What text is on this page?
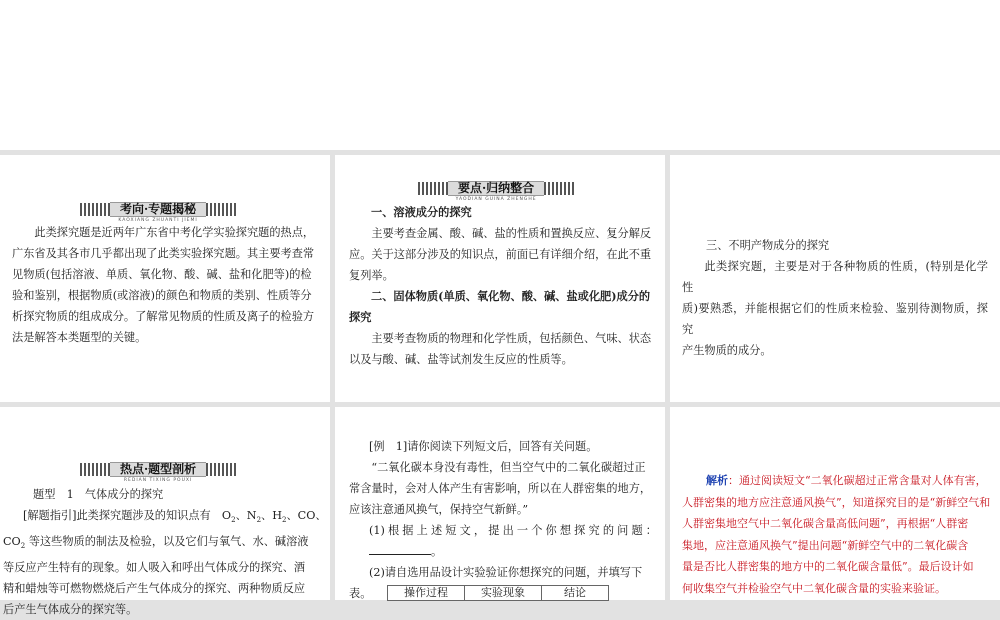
考向·专题揭秘
KAOXIANG ZHUANTI JIEMI
此类探究题是近两年广东省中考化学实验探究题的热点，
广东省及其各市几乎都出现了此类实验探究题。其主要考查常
见物质(包括溶液、单质、氧化物、酸、碱、盐和化肥等)的检
验和鉴别，根据物质(或溶液)的颜色和物质的类别、性质等分
析探究物质的组成成分。了解常见物质的性质及离子的检验方
法是解答本类题型的关键。
要点·归纳整合
YAODIAN GUINA ZHENGHE
一、溶液成分的探究
主要考查金属、酸、碱、盐的性质和置换反应、复分解反
应。关于这部分涉及的知识点，前面已有详细介绍，在此不重
复列举。
二、固体物质(单质、氧化物、酸、碱、盐或化肥)成分的
探究
主要考查物质的物理和化学性质，包括颜色、气味、状态
以及与酸、碱、盐等试剂发生反应的性质等。
三、不明产物成分的探究
此类探究题，主要是对于各种物质的性质，(特别是化学性
质)要熟悉，并能根据它们的性质来检验、鉴别待测物质，探究
产生物质的成分。
热点·题型剖析
REDIAN TIXING POUXI
题型　1　气体成分的探究
[解题指引]此类探究题涉及的知识点有　$O_2$、$N_2$、$H_2$、CO、
$CO_2$ 等这些物质的制法及检验，以及它们与氧气、水、碱溶液
等反应产生特有的现象。如人吸入和呼出气体成分的探究、酒
精和蜡烛等可燃物燃烧后产生气体成分的探究、两种物质反应
后产生气体成分的探究等。
[例　1]请你阅读下列短文后，回答有关问题。
“二氧化碳本身没有毒性，但当空气中的二氧化碳超过正
常含量时，会对人体产生有害影响，所以在人群密集的地方，
应该注意通风换气，保持空气新鲜。”
(1)根据上述短文，提出一个你想探究的问题：。
(2)请自选用品设计实验验证你想探究的问题，并填写下
表。	操作过程	实验现象	结论
解析：通过阅读短文“二氧化碳超过正常含量对人体有害，
人群密集的地方应注意通风换气”，知道探究目的是“新鲜空气和
人群密集地空气中二氧化碳含量高低问题”，再根据“人群密
集地，应注意通风换气”提出问题“新鲜空气中的二氧化碳含
量是否比人群密集的地方中的二氧化碳含量低”。最后设计如
何收集空气并检验空气中二氧化碳含量的实验来验证。
